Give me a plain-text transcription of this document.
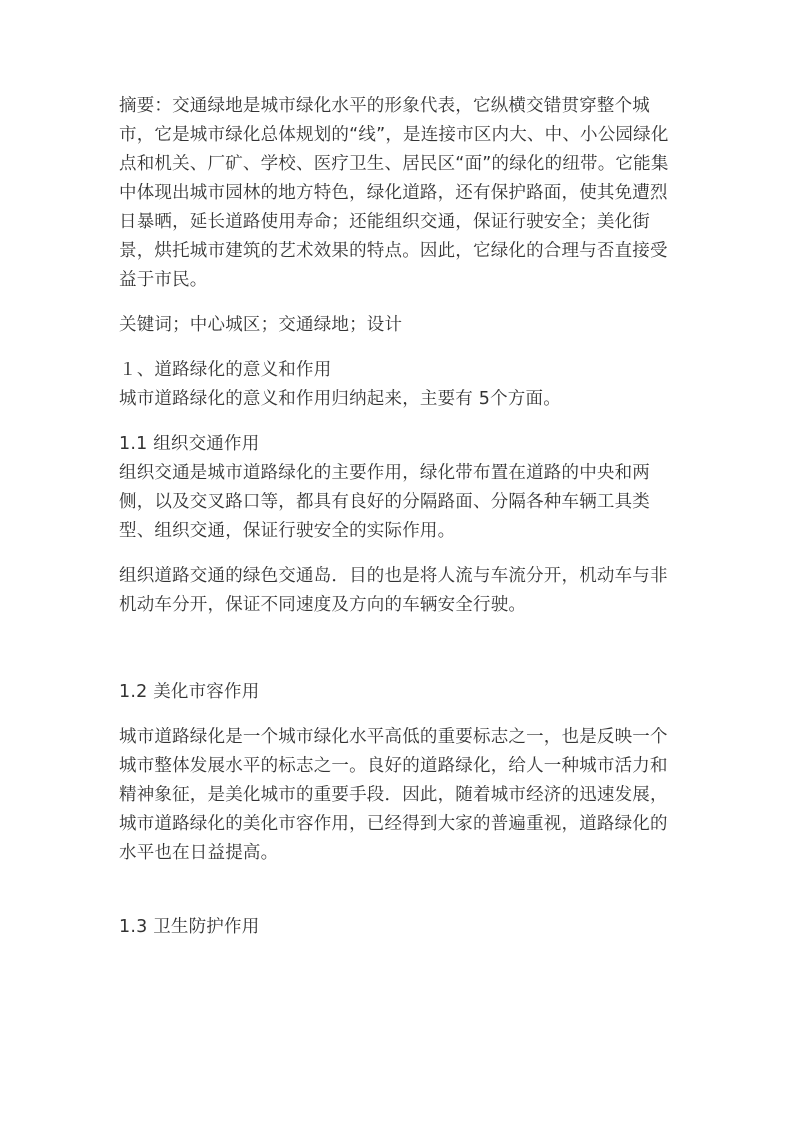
摘要：交通绿地是城市绿化水平的形象代表，它纵横交错贯穿整个城市，它是城市绿化总体规划的“线”，是连接市区内大、中、小公园绿化点和机关、厂矿、学校、医疗卫生、居民区“面”的绿化的纽带。它能集中体现出城市园林的地方特色，绿化道路，还有保护路面，使其免遭烈日暴晒，延长道路使用寿命；还能组织交通，保证行驶安全；美化街景，烘托城市建筑的艺术效果的特点。因此，它绿化的合理与否直接受益于市民。

关键词；中心城区；交通绿地；设计

１、道路绿化的意义和作用

城市道路绿化的意义和作用归纳起来，主要有 5个方面。

1.1 组织交通作用

组织交通是城市道路绿化的主要作用，绿化带布置在道路的中央和两侧，以及交叉路口等，都具有良好的分隔路面、分隔各种车辆工具类型、组织交通，保证行驶安全的实际作用。

组织道路交通的绿色交通岛．目的也是将人流与车流分开，机动车与非机动车分开，保证不同速度及方向的车辆安全行驶。

1.2 美化市容作用

城市道路绿化是一个城市绿化水平高低的重要标志之一，也是反映一个城市整体发展水平的标志之一。良好的道路绿化，给人一种城市活力和精神象征，是美化城市的重要手段．因此，随着城市经济的迅速发展，城市道路绿化的美化市容作用，已经得到大家的普遍重视，道路绿化的水平也在日益提高。

1.3 卫生防护作用
